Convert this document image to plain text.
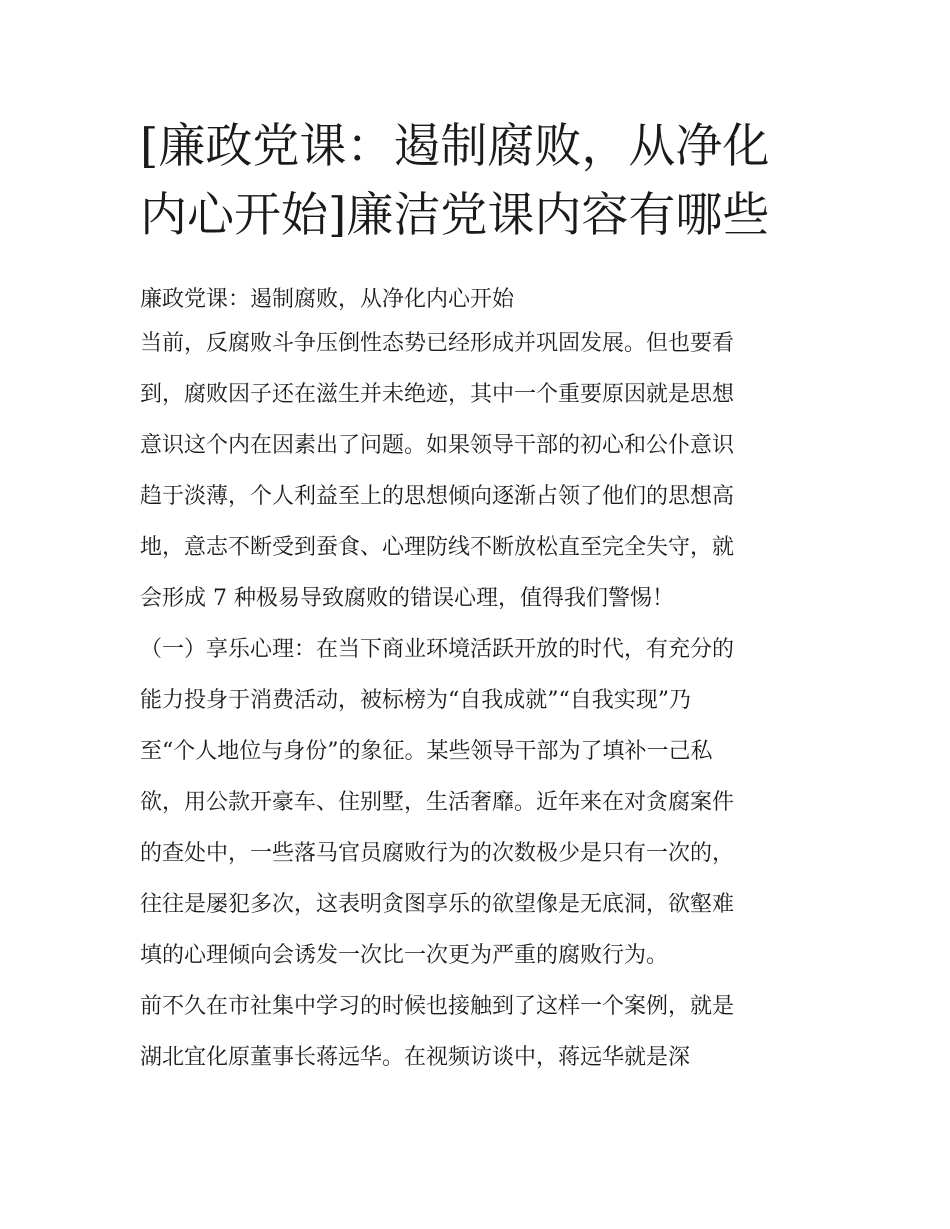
[廉政党课：遏制腐败，从净化
内心开始]廉洁党课内容有哪些
廉政党课：遏制腐败，从净化内心开始

当前，反腐败斗争压倒性态势已经形成并巩固发展。但也要看
到，腐败因子还在滋生并未绝迹，其中一个重要原因就是思想
意识这个内在因素出了问题。如果领导干部的初心和公仆意识
趋于淡薄，个人利益至上的思想倾向逐渐占领了他们的思想高
地，意志不断受到蚕食、心理防线不断放松直至完全失守，就
会形成 7 种极易导致腐败的错误心理，值得我们警惕！

（一）享乐心理：在当下商业环境活跃开放的时代，有充分的
能力投身于消费活动，被标榜为“自我成就”“自我实现”乃
至“个人地位与身份”的象征。某些领导干部为了填补一己私
欲，用公款开豪车、住别墅，生活奢靡。近年来在对贪腐案件
的查处中，一些落马官员腐败行为的次数极少是只有一次的，
往往是屡犯多次，这表明贪图享乐的欲望像是无底洞，欲壑难
填的心理倾向会诱发一次比一次更为严重的腐败行为。

前不久在市社集中学习的时候也接触到了这样一个案例，就是
湖北宜化原董事长蒋远华。在视频访谈中，蒋远华就是深
